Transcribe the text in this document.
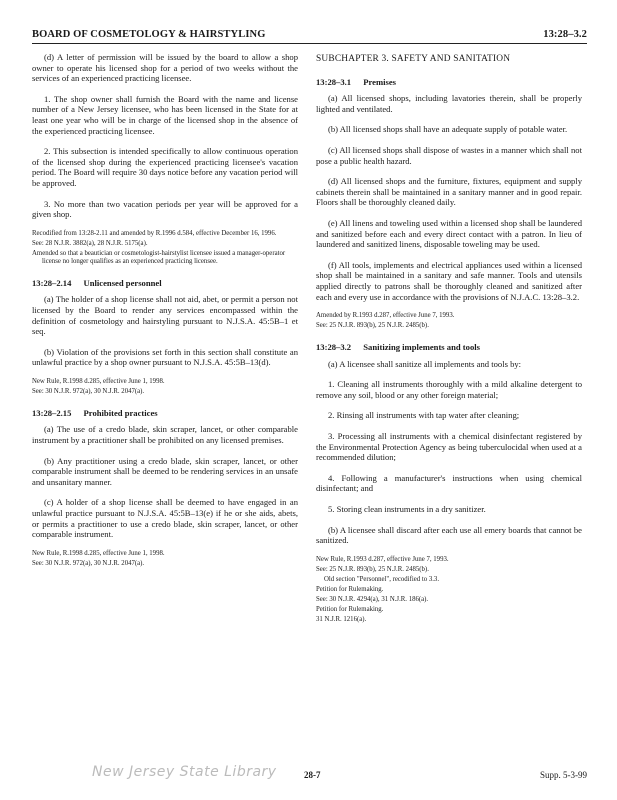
BOARD OF COSMETOLOGY & HAIRSTYLING	13:28–3.2

(d) A letter of permission will be issued by the board to allow a shop owner to operate his licensed shop for a period of two weeks without the services of an experienced practicing licensee.

1. The shop owner shall furnish the Board with the name and license number of a New Jersey licensee, who has been licensed in the State for at least one year who will be in charge of the licensed shop in the absence of the experienced practicing licensee.

2. This subsection is intended specifically to allow continuous operation of the licensed shop during the experienced practicing licensee's vacation period. The Board will require 30 days notice before any vacation period will be approved.

3. No more than two vacation periods per year will be approved for a given shop.

Recodified from 13:28-2.11 and amended by R.1996 d.584, effective December 16, 1996.

See: 28 N.J.R. 3882(a), 28 N.J.R. 5175(a).

Amended so that a beautician or cosmetologist-hairstylist licensee issued a manager-operator license no longer qualifies as an experienced practicing licensee.

13:28–2.14 Unlicensed personnel

(a) The holder of a shop license shall not aid, abet, or permit a person not licensed by the Board to render any services encompassed within the definition of cosmetology and hairstyling pursuant to N.J.S.A. 45:5B–1 et seq.

(b) Violation of the provisions set forth in this section shall constitute an unlawful practice by a shop owner pursuant to N.J.S.A. 45:5B–13(d).

New Rule, R.1998 d.285, effective June 1, 1998.

See: 30 N.J.R. 972(a), 30 N.J.R. 2047(a).

13:28–2.15 Prohibited practices

(a) The use of a credo blade, skin scraper, lancet, or other comparable instrument by a practitioner shall be prohibited on any licensed premises.

(b) Any practitioner using a credo blade, skin scraper, lancet, or other comparable instrument shall be deemed to be rendering services in an unsafe and unsanitary manner.

(c) A holder of a shop license shall be deemed to have engaged in an unlawful practice pursuant to N.J.S.A. 45:5B–13(e) if he or she aids, abets, or permits a practitioner to use a credo blade, skin scraper, lancet, or other comparable instrument.

New Rule, R.1998 d.285, effective June 1, 1998.

See: 30 N.J.R. 972(a), 30 N.J.R. 2047(a).

SUBCHAPTER 3. SAFETY AND SANITATION
13:28–3.1 Premises

(a) All licensed shops, including lavatories therein, shall be properly lighted and ventilated.

(b) All licensed shops shall have an adequate supply of potable water.

(c) All licensed shops shall dispose of wastes in a manner which shall not pose a public health hazard.

(d) All licensed shops and the furniture, fixtures, equipment and supply cabinets therein shall be maintained in a sanitary manner and in good repair. Floors shall be thoroughly cleaned daily.

(e) All linens and toweling used within a licensed shop shall be laundered and sanitized before each and every direct contact with a patron. In lieu of laundered and sanitized linens, disposable toweling may be used.

(f) All tools, implements and electrical appliances used within a licensed shop shall be maintained in a sanitary and safe manner. Tools and utensils applied directly to patrons shall be thoroughly cleaned and sanitized after each and every use in accordance with the provisions of N.J.A.C. 13:28–3.2.

Amended by R.1993 d.287, effective June 7, 1993.

See: 25 N.J.R. 893(b), 25 N.J.R. 2485(b).

13:28–3.2 Sanitizing implements and tools

(a) A licensee shall sanitize all implements and tools by:

1. Cleaning all instruments thoroughly with a mild alkaline detergent to remove any soil, blood or any other foreign material;

2. Rinsing all instruments with tap water after cleaning;

3. Processing all instruments with a chemical disinfectant registered by the Environmental Protection Agency as being tuberculocidal when used at a recommended dilution;

4. Following a manufacturer's instructions when using chemical disinfectant; and

5. Storing clean instruments in a dry sanitizer.

(b) A licensee shall discard after each use all emery boards that cannot be sanitized.

New Rule, R.1993 d.287, effective June 7, 1993.

See: 25 N.J.R. 893(b), 25 N.J.R. 2485(b).

Old section "Personnel", recodified to 3.3.

Petition for Rulemaking.

See: 30 N.J.R. 4294(a), 31 N.J.R. 186(a).

Petition for Rulemaking.

31 N.J.R. 1216(a).

New Jersey State Library	28-7	Supp. 5-3-99
